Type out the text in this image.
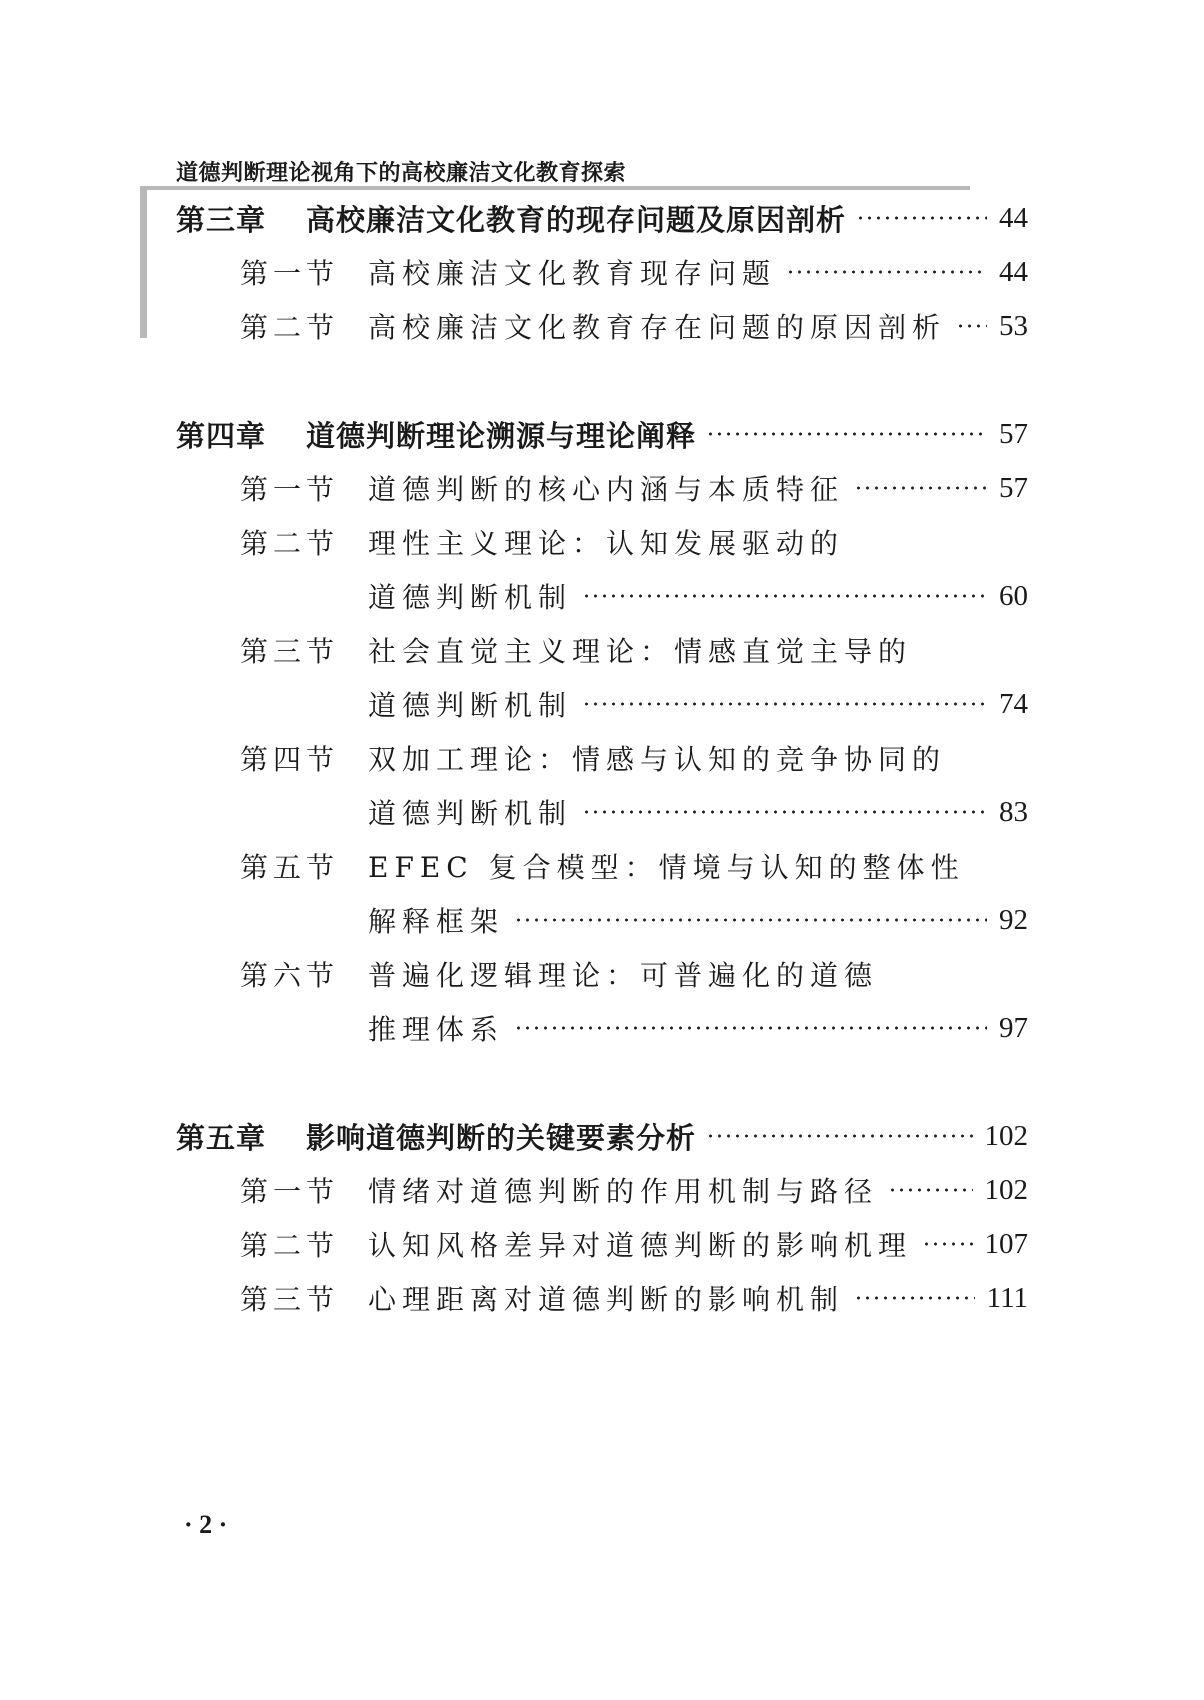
道德判断理论视角下的高校廉洁文化教育探索
第三章 高校廉洁文化教育的现存问题及原因剖析	44
第一节 高校廉洁文化教育现存问题	44
第二节 高校廉洁文化教育存在问题的原因剖析 53
第四章 道德判断理论溯源与理论阐释	57
第一节 道德判断的核心内涵与本质特征	57
第二节 理性主义理论：认知发展驱动的
道德判断机制	60
第三节 社会直觉主义理论：情感直觉主导的
道德判断机制	74
第四节 双加工理论：情感与认知的竞争协同的
道德判断机制	83
第五节 EFEC 复合模型：情境与认知的整体性
解释框架	92
第六节 普遍化逻辑理论：可普遍化的道德
推理体系	97
第五章 影响道德判断的关键要素分析	102
第一节 情绪对道德判断的作用机制与路径	102
第二节 认知风格差异对道德判断的影响机理 107
第三节 心理距离对道德判断的影响机制	111
· 2 ·
